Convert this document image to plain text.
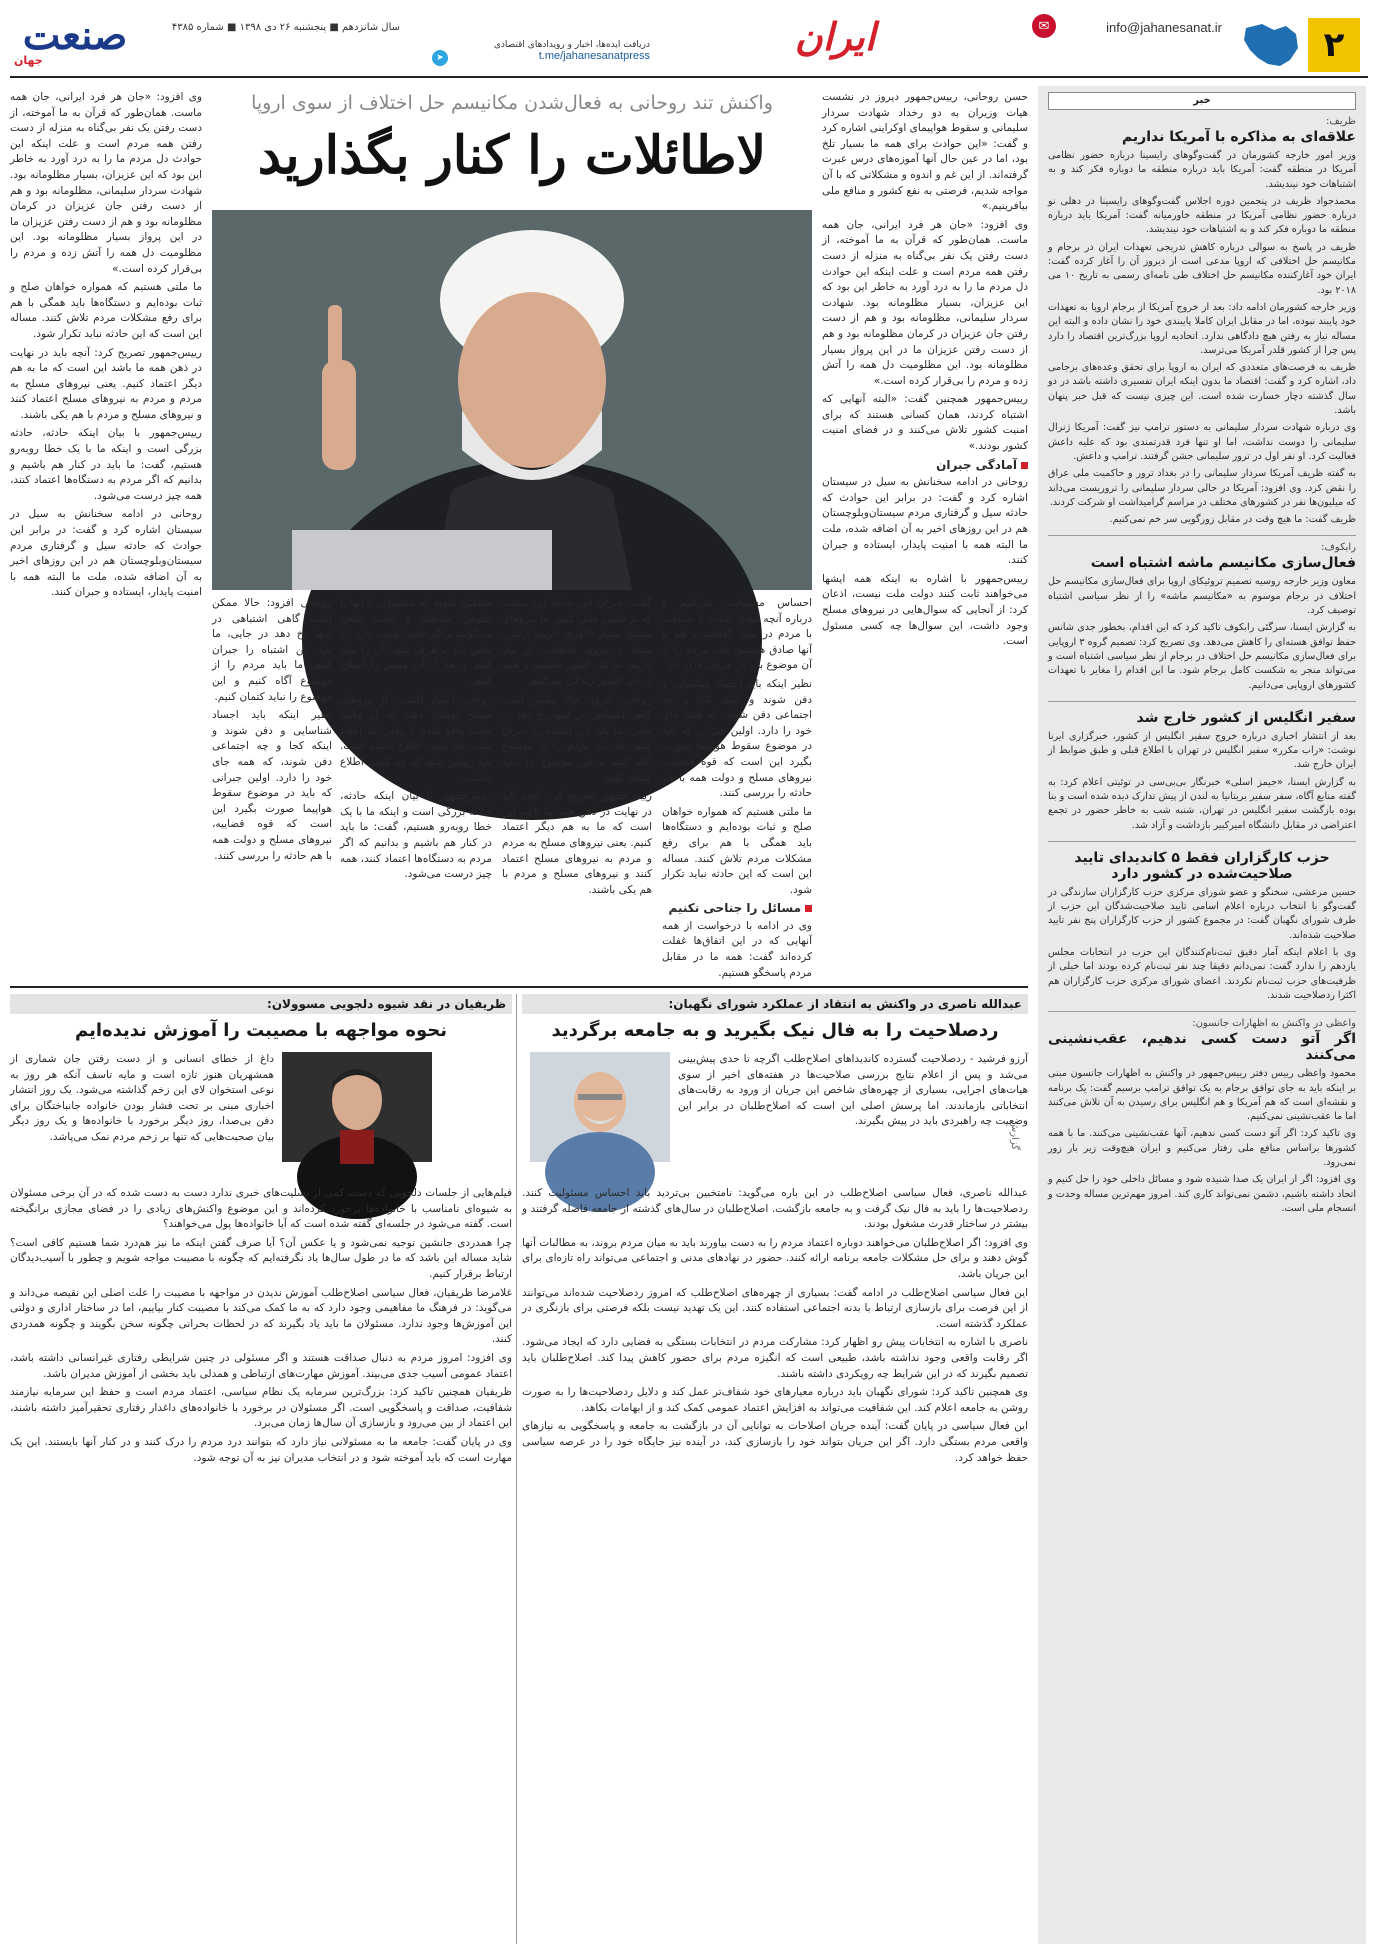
۲
info@jahanesanat.ir
✉
ایران
دریافت ایده‌ها، اخبار و رویدادهای اقتصادی
t.me/jahanesanatpress
➤
سال شانزدهم ■ پنجشنبه ۲۶ دی ۱۳۹۸ ■ شماره ۴۳۸۵
صنعت
جهان
خبر
ظریف:
علاقه‌ای به مذاکره با آمریکا نداریم

وزیر امور خارجه کشورمان در گفت‌وگوهای رایسینا درباره حضور نظامی آمریکا در منطقه گفت: آمریکا باید درباره منطقه ما دوباره فکر کند و به اشتباهات خود نیندیشد.

محمدجواد ظریف در پنجمین دوره اجلاس گفت‌وگوهای رایسینا در دهلی نو درباره حضور نظامی آمریکا در منطقه خاورمیانه گفت: آمریکا باید درباره منطقه ما دوباره فکر کند و به اشتباهات خود نیندیشد.

ظریف در پاسخ به سوالی درباره کاهش تدریجی تعهدات ایران در برجام و مکانیسم حل اختلافی که اروپا مدعی است از دیروز آن را آغاز کرده گفت: ایران خود آغازکننده مکانیسم حل اختلاف طی نامه‌ای رسمی به تاریخ ۱۰ می ۲۰۱۸ بود.

وزیر خارجه کشورمان ادامه داد: بعد از خروج آمریکا از برجام اروپا به تعهدات خود پایبند نبوده، اما در مقابل ایران کاملا پایبندی خود را نشان داده و البته این مساله نیاز به رفتن هیچ دادگاهی ندارد. اتحادیه اروپا بزرگ‌ترین اقتصاد را دارد پس چرا از کشور قلدر آمریکا می‌ترسد.

ظریف به فرصت‌های متعددی که ایران به اروپا برای تحقق وعده‌های برجامی داد، اشاره کرد و گفت: اقتصاد ما بدون اینکه ایران تفسیری داشته باشد در دو سال گذشته دچار خسارت شده است. این چیزی نیست که قبل خبر پنهان باشد.

وی درباره شهادت سردار سلیمانی به دستور ترامپ نیز گفت: آمریکا ژنرال سلیمانی را دوست نداشت، اما او تنها فرد قدرتمندی بود که علیه داعش فعالیت کرد. او نفر اول در ترور سلیمانی جشن گرفتند. ترامپ و داعش.

به گفته ظریف آمریکا سردار سلیمانی را در بغداد ترور و حاکمیت ملی عراق را نقض کرد. وی افزود: آمریکا در حالی سردار سلیمانی را تروریست می‌داند که میلیون‌ها نفر در کشورهای مختلف در مراسم گرامیداشت او شرکت کردند.

ظریف گفت: ما هیچ وقت در مقابل زورگویی سر خم نمی‌کنیم.

رابکوف:
فعال‌سازی مکانیسم ماشه اشتباه است

معاون وزیر خارجه روسیه تصمیم تروئیکای اروپا برای فعال‌سازی مکانیسم حل اختلاف در برجام موسوم به «مکانیسم ماشه» را از نظر سیاسی اشتباه توصیف کرد.

به گزارش ایسنا، سرگئی رابکوف تاکید کرد که این اقدام، بخطور جدی شانس حفظ توافق هسته‌ای را کاهش می‌دهد. وی تصریح کرد: تصمیم گروه ۳ اروپایی برای فعال‌سازی مکانیسم حل اختلاف در برجام از نظر سیاسی اشتباه است و می‌تواند منجر به شکست کامل برجام شود. ما این اقدام را مغایر با تعهدات کشورهای اروپایی می‌دانیم.

سفیر انگلیس از کشور خارج شد

بعد از انتشار اخباری درباره خروج سفیر انگلیس از کشور، خبرگزاری ایرنا نوشت: «راب مکرر» سفیر انگلیس در تهران با اطلاع قبلی و طبق ضوابط از ایران خارج شد.

به گزارش ایسنا، «جیمز اسلی» خبرنگار بی‌بی‌سی در توئیتی اعلام کرد: به گفته منابع آگاه، سفر سفیر بریتانیا به لندن از پیش تدارک دیده شده است و بنا بوده بازگشت سفیر انگلیس در تهران، شنبه شب به خاطر حضور در تجمع اعتراضی در مقابل دانشگاه امیرکبیر بازداشت و آزاد شد.

حزب کارگزاران فقط ۵ کاندیدای تایید صلاحیت‌شده در کشور دارد

حسین مرعشی، سخنگو و عضو شورای مرکزی حزب کارگزاران سازندگی در گفت‌وگو با انتخاب درباره اعلام اسامی تایید صلاحیت‌شدگان این حزب از طرف شورای نگهبان گفت: در مجموع کشور از حزب کارگزاران پنج نفر تایید صلاحیت شده‌اند.

وی با اعلام اینکه آمار دقیق ثبت‌نام‌کنندگان این حزب در انتخابات مجلس یازدهم را ندارد گفت: نمی‌دانم دقیقا چند نفر ثبت‌نام کرده بودند اما خیلی از ظرفیت‌های حزب ثبت‌نام نکردند. اعضای شورای مرکزی حزب کارگزاران هم اکثرا ردصلاحیت شدند.

واعظی در واکنش به اظهارات جانسون:
اگر آتو دست کسی ندهیم، عقب‌نشینی می‌کنند

محمود واعظی رییس دفتر رییس‌جمهور در واکنش به اظهارات جانسون مبنی بر اینکه باید به جای توافق برجام به یک توافق ترامپ برسیم گفت: یک برنامه و نقشه‌ای است که هم آمریکا و هم انگلیس برای رسیدن به آن تلاش می‌کنند اما ما عقب‌نشینی نمی‌کنیم.

وی تاکید کرد: اگر آتو دست کسی ندهیم، آنها عقب‌نشینی می‌کنند. ما با همه کشورها براساس منافع ملی رفتار می‌کنیم و ایران هیچ‌وقت زیر بار زور نمی‌رود.

وی افزود: اگر از ایران یک صدا شنیده شود و مسائل داخلی خود را حل کنیم و اتحاد داشته باشیم، دشمن نمی‌تواند کاری کند. امروز مهم‌ترین مساله وحدت و انسجام ملی است.

واکنش تند روحانی به فعال‌شدن مکانیسم حل اختلاف از سوی اروپا
لاطائلات را کنار بگذارید

حسن روحانی، رییس‌جمهور دیروز در نشست هیات وزیران به دو رخداد شهادت سردار سلیمانی و سقوط هواپیمای اوکراینی اشاره کرد و گفت: «این حوادث برای همه ما بسیار تلخ بود، اما در عین حال آنها آموزه‌های درس عبرت گرفته‌اند. از این غم و اندوه و مشکلاتی که با آن مواجه شدیم، فرصتی به نفع کشور و منافع ملی بیافرینیم.»

وی افزود: «جان هر فرد ایرانی، جان همه ماست. همان‌طور که قرآن به ما آموخته، از دست رفتن یک نفر بی‌گناه به منزله از دست رفتن همه مردم است و علت اینکه این حوادث دل مردم ما را به درد آورد به خاطر این بود که این عزیزان، بسیار مظلومانه بود. شهادت سردار سلیمانی، مظلومانه بود و هم از دست رفتن جان عزیزان در کرمان مظلومانه بود و هم از دست رفتن عزیزان ما در این پرواز بسیار مظلومانه بود. این مظلومیت دل همه را آتش زده و مردم را بی‌قرار کرده است.»

رییس‌جمهور همچنین گفت: «البته آنهایی که اشتباه کردند، همان کسانی هستند که برای امنیت کشور تلاش می‌کنند و در فضای امنیت کشور بودند.»

آمادگی جبران

روحانی در ادامه سخنانش به سیل در سیستان اشاره کرد و گفت: در برابر این حوادث که حادثه سیل و گرفتاری مردم سیستان‌وبلوچستان هم در این روزهای اخیر به آن اضافه شده، ملت ما البته همه با امنیت پایدار، ایستاده و جبران کنند.

رییس‌جمهور با اشاره به اینکه همه ایشها می‌خواهند ثابت کنند دولت ملت نیست، اذعان کرد: از آنجایی که سوال‌هایی در نیروهای مسلح وجود داشت، این سوال‌ها چه کسی مسئول است.

احساس مسئولیت می‌کنیم و درباره آنچه اتفاق افتاده با صداقت با مردم در میان گذاشته و هم با آنها صادق هستیم. همه مردم را از آن موضوع باید در جریان قرار داد.

نظیر اینکه باید اجساد شناسایی و دفن شوند و اینکه کجا و چه اجتماعی دفن شوند، که همه جای خود را دارد. اولین جبرانی که باید در موضوع سقوط هواپیما صورت بگیرد این است که قوه قضاییه، نیروهای مسلح و دولت همه با هم حادثه را بررسی کنند.

ما ملتی هستیم که همواره خواهان صلح و ثبات بوده‌ایم و دستگاه‌ها باید همگی با هم برای رفع مشکلات مردم تلاش کنند. مساله این است که این حادثه نباید تکرار شود.

مسائل را جناحی نکنیم

وی در ادامه با درخواست از همه آنهایی که در این اتفاق‌ها غفلت کرده‌اند گفت: همه ما در مقابل مردم پاسخگو هستیم.

گفت: جبران این حادثه این نیست که برعکس عمل کنیم. ما نیروهای مسلح بسیار دلاوری داریم، ارتش، سپاه و نیروی انتظامی از نیاز داریم. ما یک کشور هستیم و همه در این کشور زندگی می‌کنیم.

روحانی افزود: حالا ممکن است گاهی اشتباهی در اینها رخ دهد در جایی، ما باید این اشتباه را جبران کنیم. ما باید مردم را از موضوع آگاه کنیم و این موضوع را نباید کتمان کنیم.

رییس‌جمهور تصریح کرد: آنچه باید در نهایت در ذهن همه ما باشد این است که ما به هم دیگر اعتماد کنیم. یعنی نیروهای مسلح به مردم و مردم به نیروهای مسلح اعتماد کنند و نیروهای مسلح و مردم با هم یکی باشند.

مطمئن شوند که مسئولان با آنها با خلوص، صداقت و امانت سخن می‌گویند و اگر جایی نقصی دارد آن نقص باید برطرف شود. آن را بیان کنیم و بعد از آن مسیر را اصلاح کنیم.

روحانی اظهار داشت: از نیروهای مسلح توضیح دهند که از وقتی حادثه واقع شده تا وقتی که اعلام شده، چه کسی اطلاع داشته است. باید روشن شود که چه کسی اطلاع داشت.

رییس‌جمهور با بیان اینکه حادثه، حادثه بزرگی است و اینکه ما با یک خطا روبه‌رو هستیم، گفت: ما باید در کنار هم باشیم و بدانیم که اگر مردم به دستگاه‌ها اعتماد کنند، همه چیز درست می‌شود.

وی افزود: «جان هر فرد ایرانی، جان همه ماست. همان‌طور که قرآن به ما آموخته، از دست رفتن یک نفر بی‌گناه به منزله از دست رفتن همه مردم است و علت اینکه این حوادث دل مردم ما را به درد آورد به خاطر این بود که این عزیزان، بسیار مظلومانه بود. شهادت سردار سلیمانی، مظلومانه بود و هم از دست رفتن جان عزیزان در کرمان مظلومانه بود و هم از دست رفتن عزیزان ما در این پرواز بسیار مظلومانه بود. این مظلومیت دل همه را آتش زده و مردم را بی‌قرار کرده است.»

ما ملتی هستیم که همواره خواهان صلح و ثبات بوده‌ایم و دستگاه‌ها باید همگی با هم برای رفع مشکلات مردم تلاش کنند. مساله این است که این حادثه نباید تکرار شود.

رییس‌جمهور تصریح کرد: آنچه باید در نهایت در ذهن همه ما باشد این است که ما به هم دیگر اعتماد کنیم. یعنی نیروهای مسلح به مردم و مردم به نیروهای مسلح اعتماد کنند و نیروهای مسلح و مردم با هم یکی باشند.

رییس‌جمهور با بیان اینکه حادثه، حادثه بزرگی است و اینکه ما با یک خطا روبه‌رو هستیم، گفت: ما باید در کنار هم باشیم و بدانیم که اگر مردم به دستگاه‌ها اعتماد کنند، همه چیز درست می‌شود.

روحانی در ادامه سخنانش به سیل در سیستان اشاره کرد و گفت: در برابر این حوادث که حادثه سیل و گرفتاری مردم سیستان‌وبلوچستان هم در این روزهای اخیر به آن اضافه شده، ملت ما البته همه با امنیت پایدار، ایستاده و جبران کنند.

روحانی افزود: حالا ممکن است گاهی اشتباهی در اینها رخ دهد در جایی، ما باید این اشتباه را جبران کنیم. ما باید مردم را از موضوع آگاه کنیم و این موضوع را نباید کتمان کنیم.

نظیر اینکه باید اجساد شناسایی و دفن شوند و اینکه کجا و چه اجتماعی دفن شوند، که همه جای خود را دارد. اولین جبرانی که باید در موضوع سقوط هواپیما صورت بگیرد این است که قوه قضاییه، نیروهای مسلح و دولت همه با هم حادثه را بررسی کنند.

عبدالله ناصری در واکنش به انتقاد از عملکرد شورای نگهبان:
ردصلاحیت را به فال نیک بگیرید و به جامعه برگردید

آرزو فرشید - ردصلاحیت گسترده کاندیداهای اصلاح‌طلب اگرچه تا حدی پیش‌بینی می‌شد و پس از اعلام نتایج بررسی صلاحیت‌ها در هفته‌های اخیر از سوی هیات‌های اجرایی، بسیاری از چهره‌های شاخص این جریان از ورود به رقابت‌های انتخاباتی بازماندند. اما پرسش اصلی این است که اصلاح‌طلبان در برابر این وضعیت چه راهبردی باید در پیش بگیرند.

عبدالله ناصری، فعال سیاسی اصلاح‌طلب در این باره می‌گوید: نامتخبین بی‌تردید باید احساس مسئولیت کنند. ردصلاحیت‌ها را باید به فال نیک گرفت و به جامعه بازگشت. اصلاح‌طلبان در سال‌های گذشته از جامعه فاصله گرفتند و بیشتر در ساختار قدرت مشغول بودند.

وی افزود: اگر اصلاح‌طلبان می‌خواهند دوباره اعتماد مردم را به دست بیاورند باید به میان مردم بروند، به مطالبات آنها گوش دهند و برای حل مشکلات جامعه برنامه ارائه کنند. حضور در نهادهای مدنی و اجتماعی می‌تواند راه تازه‌ای برای این جریان باشد.

این فعال سیاسی اصلاح‌طلب در ادامه گفت: بسیاری از چهره‌های اصلاح‌طلب که امروز ردصلاحیت شده‌اند می‌توانند از این فرصت برای بازسازی ارتباط با بدنه اجتماعی استفاده کنند. این یک تهدید نیست بلکه فرصتی برای بازنگری در عملکرد گذشته است.

ناصری با اشاره به انتخابات پیش رو اظهار کرد: مشارکت مردم در انتخابات بستگی به فضایی دارد که ایجاد می‌شود. اگر رقابت واقعی وجود نداشته باشد، طبیعی است که انگیزه مردم برای حضور کاهش پیدا کند. اصلاح‌طلبان باید تصمیم بگیرند که در این شرایط چه رویکردی داشته باشند.

وی همچنین تاکید کرد: شورای نگهبان باید درباره معیارهای خود شفاف‌تر عمل کند و دلایل ردصلاحیت‌ها را به صورت روشن به جامعه اعلام کند. این شفافیت می‌تواند به افزایش اعتماد عمومی کمک کند و از ابهامات بکاهد.

این فعال سیاسی در پایان گفت: آینده جریان اصلاحات به توانایی آن در بازگشت به جامعه و پاسخگویی به نیازهای واقعی مردم بستگی دارد. اگر این جریان بتواند خود را بازسازی کند، در آینده نیز جایگاه خود را در عرصه سیاسی حفظ خواهد کرد.

گزارش
ظریفیان در نقد شیوه دلجویی مسوولان:
نحوه مواجهه با مصیبت را آموزش ندیده‌ایم

داغ از خطای انسانی و از دست رفتن جان شماری از همشهریان هنوز تازه است و مایه تاسف آنکه هر روز به نوعی استخوان لای این زخم گذاشته می‌شود. یک روز انتشار اخباری مبنی بر تحت فشار بودن خانواده جانباختگان برای دفن بی‌صدا، روز دیگر برخورد با خانواده‌ها و یک روز دیگر بیان صحبت‌هایی که تنها بر زخم مردم نمک می‌پاشد.

فیلم‌هایی از جلسات دلجویی که دست کمی از تسلیت‌های خبری ندارد دست به دست شده که در آن برخی مسئولان به شیوه‌ای نامناسب با خانواده‌ها برخورد کرده‌اند و این موضوع واکنش‌های زیادی را در فضای مجازی برانگیخته است. گفته می‌شود در جلسه‌ای گفته شده است که آیا خانواده‌ها پول می‌خواهند؟

چرا همدردی جانشین توجیه نمی‌شود و یا عکس آن؟ آیا صرف گفتن اینکه ما نیز هم‌درد شما هستیم کافی است؟ شاید مساله این باشد که ما در طول سال‌ها یاد نگرفته‌ایم که چگونه با مصیبت مواجه شویم و چطور با آسیب‌دیدگان ارتباط برقرار کنیم.

غلامرضا ظریفیان، فعال سیاسی اصلاح‌طلب آموزش ندیدن در مواجهه با مصیبت را علت اصلی این نقیصه می‌داند و می‌گوید: در فرهنگ ما مفاهیمی وجود دارد که به ما کمک می‌کند با مصیبت کنار بیاییم، اما در ساختار اداری و دولتی این آموزش‌ها وجود ندارد. مسئولان ما باید یاد بگیرند که در لحظات بحرانی چگونه سخن بگویند و چگونه همدردی کنند.

وی افزود: امروز مردم به دنبال صداقت هستند و اگر مسئولی در چنین شرایطی رفتاری غیرانسانی داشته باشد، اعتماد عمومی آسیب جدی می‌بیند. آموزش مهارت‌های ارتباطی و همدلی باید بخشی از آموزش مدیران باشد.

ظریفیان همچنین تاکید کرد: بزرگ‌ترین سرمایه یک نظام سیاسی، اعتماد مردم است و حفظ این سرمایه نیازمند شفافیت، صداقت و پاسخگویی است. اگر مسئولان در برخورد با خانواده‌های داغدار رفتاری تحقیرآمیز داشته باشند، این اعتماد از بین می‌رود و بازسازی آن سال‌ها زمان می‌برد.

وی در پایان گفت: جامعه ما به مسئولانی نیاز دارد که بتوانند درد مردم را درک کنند و در کنار آنها بایستند. این یک مهارت است که باید آموخته شود و در انتخاب مدیران نیز به آن توجه شود.
